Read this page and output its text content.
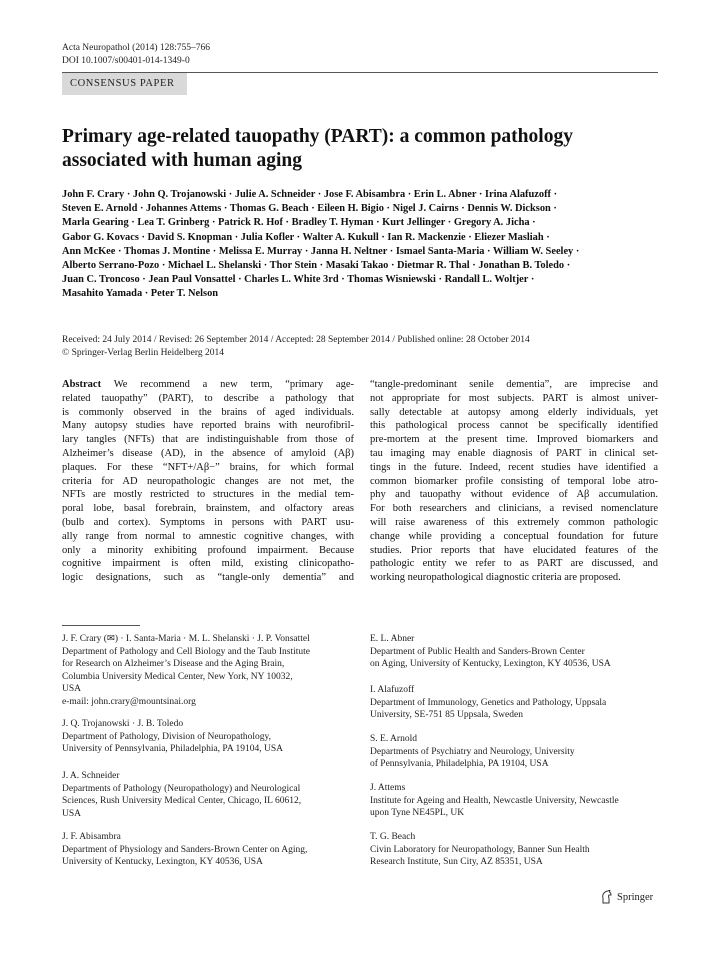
Acta Neuropathol (2014) 128:755–766
DOI 10.1007/s00401-014-1349-0
CONSENSUS PAPER
Primary age-related tauopathy (PART): a common pathology
associated with human aging
John F. Crary · John Q. Trojanowski · Julie A. Schneider · Jose F. Abisambra · Erin L. Abner · Irina Alafuzoff ·
Steven E. Arnold · Johannes Attems · Thomas G. Beach · Eileen H. Bigio · Nigel J. Cairns · Dennis W. Dickson ·
Marla Gearing · Lea T. Grinberg · Patrick R. Hof · Bradley T. Hyman · Kurt Jellinger · Gregory A. Jicha ·
Gabor G. Kovacs · David S. Knopman · Julia Kofler · Walter A. Kukull · Ian R. Mackenzie · Eliezer Masliah ·
Ann McKee · Thomas J. Montine · Melissa E. Murray · Janna H. Neltner · Ismael Santa-Maria · William W. Seeley ·
Alberto Serrano-Pozo · Michael L. Shelanski · Thor Stein · Masaki Takao · Dietmar R. Thal · Jonathan B. Toledo ·
Juan C. Troncoso · Jean Paul Vonsattel · Charles L. White 3rd · Thomas Wisniewski · Randall L. Woltjer ·
Masahito Yamada · Peter T. Nelson
Received: 24 July 2014 / Revised: 26 September 2014 / Accepted: 28 September 2014 / Published online: 28 October 2014
© Springer-Verlag Berlin Heidelberg 2014
Abstract We recommend a new term, “primary age-
related tauopathy” (PART), to describe a pathology that
is commonly observed in the brains of aged individuals.
Many autopsy studies have reported brains with neurofibril-
lary tangles (NFTs) that are indistinguishable from those of
Alzheimer’s disease (AD), in the absence of amyloid (Aβ)
plaques. For these “NFT+/Aβ−” brains, for which formal
criteria for AD neuropathologic changes are not met, the
NFTs are mostly restricted to structures in the medial tem-
poral lobe, basal forebrain, brainstem, and olfactory areas
(bulb and cortex). Symptoms in persons with PART usu-
ally range from normal to amnestic cognitive changes, with
only a minority exhibiting profound impairment. Because
cognitive impairment is often mild, existing clinicopatho-
logic designations, such as “tangle-only dementia” and
“tangle-predominant senile dementia”, are imprecise and
not appropriate for most subjects. PART is almost univer-
sally detectable at autopsy among elderly individuals, yet
this pathological process cannot be specifically identified
pre-mortem at the present time. Improved biomarkers and
tau imaging may enable diagnosis of PART in clinical set-
tings in the future. Indeed, recent studies have identified a
common biomarker profile consisting of temporal lobe atro-
phy and tauopathy without evidence of Aβ accumulation.
For both researchers and clinicians, a revised nomenclature
will raise awareness of this extremely common pathologic
change while providing a conceptual foundation for future
studies. Prior reports that have elucidated features of the
pathologic entity we refer to as PART are discussed, and
working neuropathological diagnostic criteria are proposed.
J. F. Crary (✉) · I. Santa-Maria · M. L. Shelanski · J. P. Vonsattel
Department of Pathology and Cell Biology and the Taub Institute
for Research on Alzheimer’s Disease and the Aging Brain,
Columbia University Medical Center, New York, NY 10032,
USA
e-mail: john.crary@mountsinai.org
J. Q. Trojanowski · J. B. Toledo
Department of Pathology, Division of Neuropathology,
University of Pennsylvania, Philadelphia, PA 19104, USA
J. A. Schneider
Departments of Pathology (Neuropathology) and Neurological
Sciences, Rush University Medical Center, Chicago, IL 60612,
USA
J. F. Abisambra
Department of Physiology and Sanders-Brown Center on Aging,
University of Kentucky, Lexington, KY 40536, USA
E. L. Abner
Department of Public Health and Sanders-Brown Center
on Aging, University of Kentucky, Lexington, KY 40536, USA
I. Alafuzoff
Department of Immunology, Genetics and Pathology, Uppsala
University, SE-751 85 Uppsala, Sweden
S. E. Arnold
Departments of Psychiatry and Neurology, University
of Pennsylvania, Philadelphia, PA 19104, USA
J. Attems
Institute for Ageing and Health, Newcastle University, Newcastle
upon Tyne NE45PL, UK
T. G. Beach
Civin Laboratory for Neuropathology, Banner Sun Health
Research Institute, Sun City, AZ 85351, USA
Springer
